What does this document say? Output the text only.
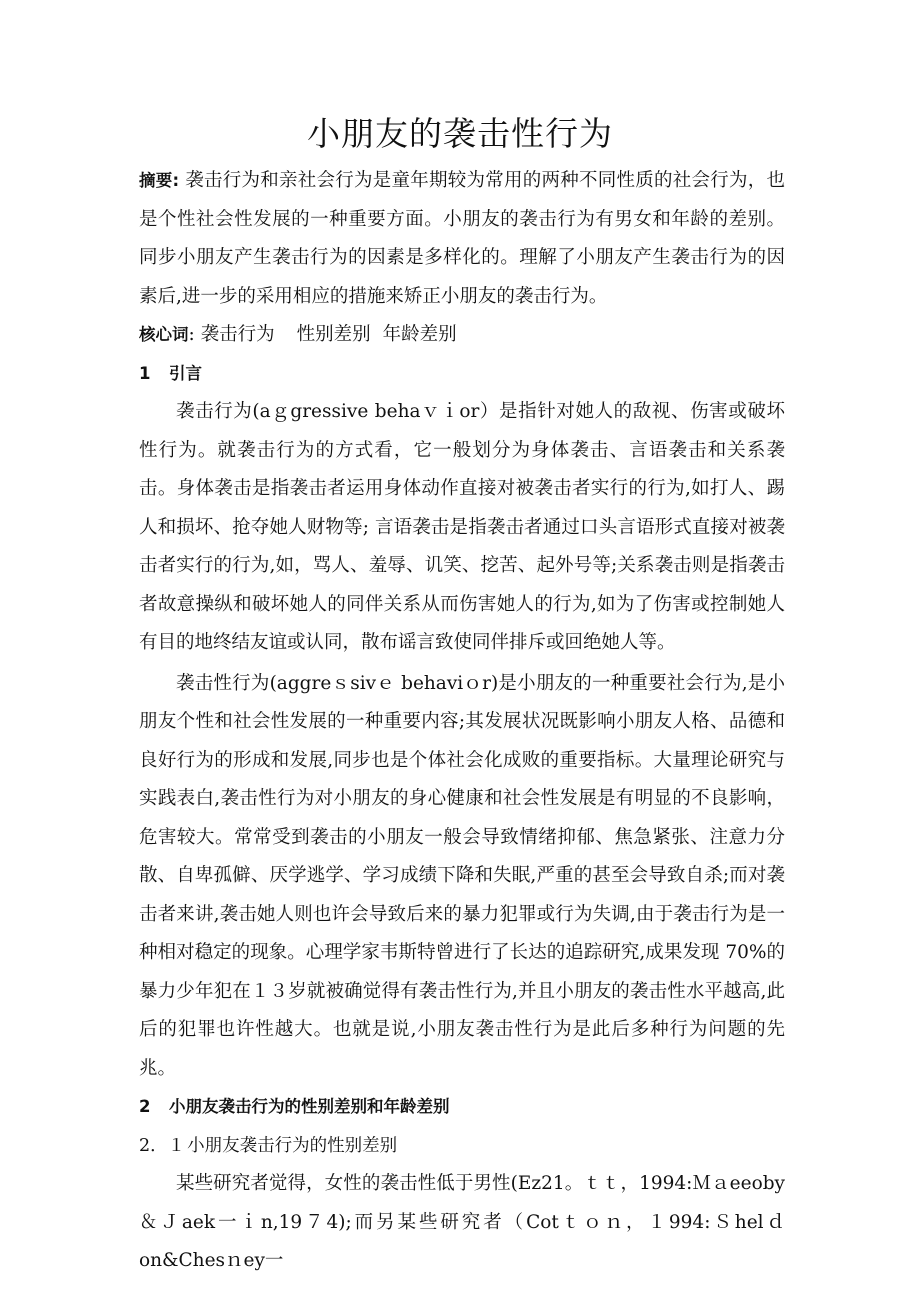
小朋友的袭击性行为

摘要: 袭击行为和亲社会行为是童年期较为常用的两种不同性质的社会行为，也是个性社会性发展的一种重要方面。小朋友的袭击行为有男女和年龄的差别。同步小朋友产生袭击行为的因素是多样化的。理解了小朋友产生袭击行为的因素后,进一步的采用相应的措施来矫正小朋友的袭击行为。

核心词: 袭击行为 性别差别 年龄差别

1 引言

袭击行为(aｇgressive behaｖｉor）是指针对她人的敌视、伤害或破坏性行为。就袭击行为的方式看，它一般划分为身体袭击、言语袭击和关系袭击。身体袭击是指袭击者运用身体动作直接对被袭击者实行的行为,如打人、踢人和损坏、抢夺她人财物等; 言语袭击是指袭击者通过口头言语形式直接对被袭击者实行的行为,如，骂人、羞辱、讥笑、挖苦、起外号等;关系袭击则是指袭击者故意操纵和破坏她人的同伴关系从而伤害她人的行为,如为了伤害或控制她人有目的地终结友谊或认同，散布谣言致使同伴排斥或回绝她人等。

袭击性行为(aggreｓsivｅ behaviｏr)是小朋友的一种重要社会行为,是小朋友个性和社会性发展的一种重要内容;其发展状况既影响小朋友人格、品德和良好行为的形成和发展,同步也是个体社会化成败的重要指标。大量理论研究与实践表白,袭击性行为对小朋友的身心健康和社会性发展是有明显的不良影响，危害较大。常常受到袭击的小朋友一般会导致情绪抑郁、焦急紧张、注意力分散、自卑孤僻、厌学逃学、学习成绩下降和失眠,严重的甚至会导致自杀;而对袭击者来讲,袭击她人则也许会导致后来的暴力犯罪或行为失调,由于袭击行为是一种相对稳定的现象。心理学家韦斯特曾进行了长达的追踪研究,成果发现 70%的暴力少年犯在１３岁就被确觉得有袭击性行为,并且小朋友的袭击性水平越高,此后的犯罪也许性越大。也就是说,小朋友袭击性行为是此后多种行为问题的先兆。

2 小朋友袭击行为的性别差别和年龄差别

2．１ 小朋友袭击行为的性别差别

某些研究者觉得，女性的袭击性低于男性(Ez21。ｔｔ，1994:Ｍａeeoby＆Ｊaek一ｉn,19７4);而另某些研究者（Cotｔｏｎ，１994:Ｓhelｄon&Chesｎey一
